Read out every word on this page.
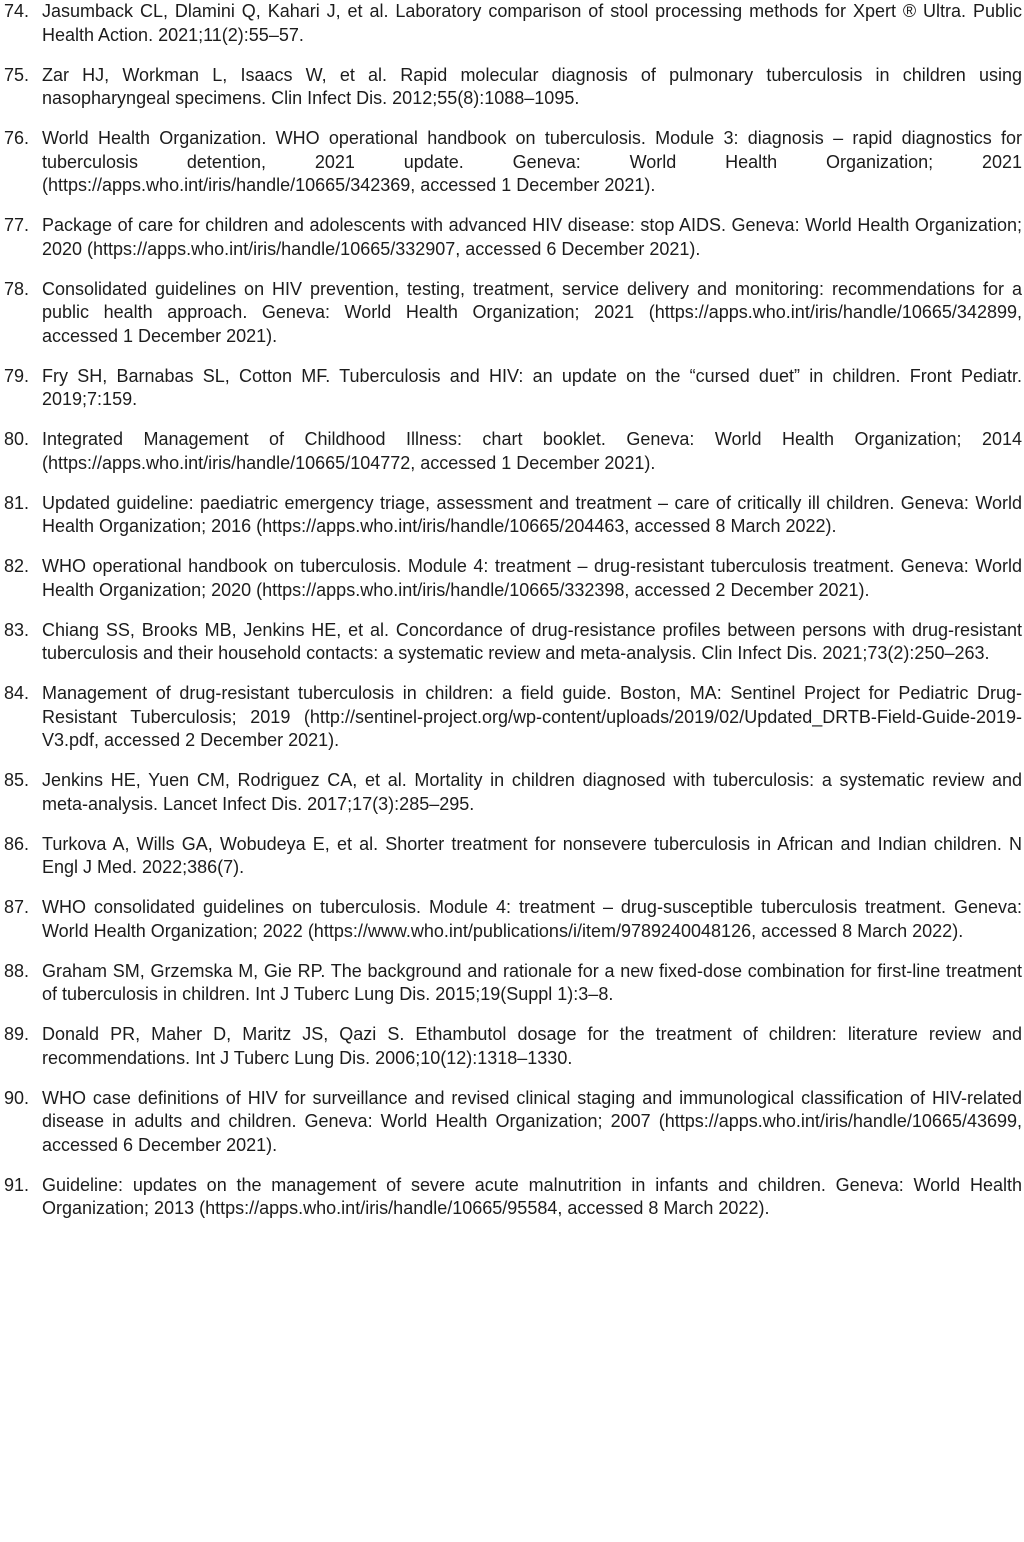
74. Jasumback CL, Dlamini Q, Kahari J, et al. Laboratory comparison of stool processing methods for Xpert ® Ultra. Public Health Action. 2021;11(2):55–57.
75. Zar HJ, Workman L, Isaacs W, et al. Rapid molecular diagnosis of pulmonary tuberculosis in children using nasopharyngeal specimens. Clin Infect Dis. 2012;55(8):1088–1095.
76. World Health Organization. WHO operational handbook on tuberculosis. Module 3: diagnosis – rapid diagnostics for tuberculosis detention, 2021 update. Geneva: World Health Organization; 2021 (https://apps.who.int/iris/handle/10665/342369, accessed 1 December 2021).
77. Package of care for children and adolescents with advanced HIV disease: stop AIDS. Geneva: World Health Organization; 2020 (https://apps.who.int/iris/handle/10665/332907, accessed 6 December 2021).
78. Consolidated guidelines on HIV prevention, testing, treatment, service delivery and monitoring: recommendations for a public health approach. Geneva: World Health Organization; 2021 (https://apps.who.int/iris/handle/10665/342899, accessed 1 December 2021).
79. Fry SH, Barnabas SL, Cotton MF. Tuberculosis and HIV: an update on the “cursed duet” in children. Front Pediatr. 2019;7:159.
80. Integrated Management of Childhood Illness: chart booklet. Geneva: World Health Organization; 2014 (https://apps.who.int/iris/handle/10665/104772, accessed 1 December 2021).
81. Updated guideline: paediatric emergency triage, assessment and treatment – care of critically ill children. Geneva: World Health Organization; 2016 (https://apps.who.int/iris/handle/10665/204463, accessed 8 March 2022).
82. WHO operational handbook on tuberculosis. Module 4: treatment – drug-resistant tuberculosis treatment. Geneva: World Health Organization; 2020 (https://apps.who.int/iris/handle/10665/332398, accessed 2 December 2021).
83. Chiang SS, Brooks MB, Jenkins HE, et al. Concordance of drug-resistance profiles between persons with drug-resistant tuberculosis and their household contacts: a systematic review and meta-analysis. Clin Infect Dis. 2021;73(2):250–263.
84. Management of drug-resistant tuberculosis in children: a field guide. Boston, MA: Sentinel Project for Pediatric Drug-Resistant Tuberculosis; 2019 (http://sentinel-project.org/wp-content/uploads/2019/02/Updated_DRTB-Field-Guide-2019-V3.pdf, accessed 2 December 2021).
85. Jenkins HE, Yuen CM, Rodriguez CA, et al. Mortality in children diagnosed with tuberculosis: a systematic review and meta-analysis. Lancet Infect Dis. 2017;17(3):285–295.
86. Turkova A, Wills GA, Wobudeya E, et al. Shorter treatment for nonsevere tuberculosis in African and Indian children. N Engl J Med. 2022;386(7).
87. WHO consolidated guidelines on tuberculosis. Module 4: treatment – drug-susceptible tuberculosis treatment. Geneva: World Health Organization; 2022 (https://www.who.int/publications/i/item/9789240048126, accessed 8 March 2022).
88. Graham SM, Grzemska M, Gie RP. The background and rationale for a new fixed-dose combination for first-line treatment of tuberculosis in children. Int J Tuberc Lung Dis. 2015;19(Suppl 1):3–8.
89. Donald PR, Maher D, Maritz JS, Qazi S. Ethambutol dosage for the treatment of children: literature review and recommendations. Int J Tuberc Lung Dis. 2006;10(12):1318–1330.
90. WHO case definitions of HIV for surveillance and revised clinical staging and immunological classification of HIV-related disease in adults and children. Geneva: World Health Organization; 2007 (https://apps.who.int/iris/handle/10665/43699, accessed 6 December 2021).
91. Guideline: updates on the management of severe acute malnutrition in infants and children. Geneva: World Health Organization; 2013 (https://apps.who.int/iris/handle/10665/95584, accessed 8 March 2022).
